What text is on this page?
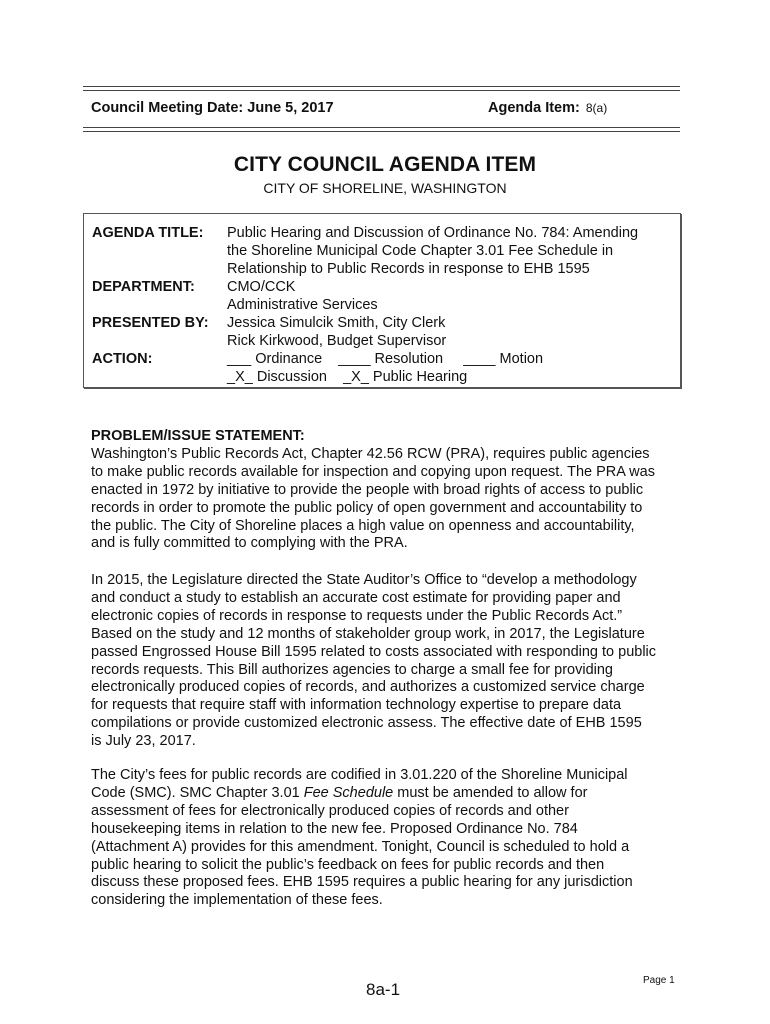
Council Meeting Date: June 5, 2017	Agenda Item: 8(a)
CITY COUNCIL AGENDA ITEM
CITY OF SHORELINE, WASHINGTON
AGENDA TITLE:	Public Hearing and Discussion of Ordinance No. 784: Amending
the Shoreline Municipal Code Chapter 3.01 Fee Schedule in
Relationship to Public Records in response to EHB 1595
DEPARTMENT:	CMO/CCK
Administrative Services
PRESENTED BY:	Jessica Simulcik Smith, City Clerk
Rick Kirkwood, Budget Supervisor
ACTION:	___ Ordinance ____ Resolution ____ Motion
_X_ Discussion _X_ Public Hearing
PROBLEM/ISSUE STATEMENT:
Washington’s Public Records Act, Chapter 42.56 RCW (PRA), requires public agencies
to make public records available for inspection and copying upon request. The PRA was
enacted in 1972 by initiative to provide the people with broad rights of access to public
records in order to promote the public policy of open government and accountability to
the public. The City of Shoreline places a high value on openness and accountability,
and is fully committed to complying with the PRA.
In 2015, the Legislature directed the State Auditor’s Office to “develop a methodology
and conduct a study to establish an accurate cost estimate for providing paper and
electronic copies of records in response to requests under the Public Records Act.”
Based on the study and 12 months of stakeholder group work, in 2017, the Legislature
passed Engrossed House Bill 1595 related to costs associated with responding to public
records requests. This Bill authorizes agencies to charge a small fee for providing
electronically produced copies of records, and authorizes a customized service charge
for requests that require staff with information technology expertise to prepare data
compilations or provide customized electronic assess. The effective date of EHB 1595
is July 23, 2017.
The City’s fees for public records are codified in 3.01.220 of the Shoreline Municipal
Code (SMC). SMC Chapter 3.01 Fee Schedule must be amended to allow for
assessment of fees for electronically produced copies of records and other
housekeeping items in relation to the new fee. Proposed Ordinance No. 784
(Attachment A) provides for this amendment. Tonight, Council is scheduled to hold a
public hearing to solicit the public’s feedback on fees for public records and then
discuss these proposed fees. EHB 1595 requires a public hearing for any jurisdiction
considering the implementation of these fees.
8a-1	Page 1
